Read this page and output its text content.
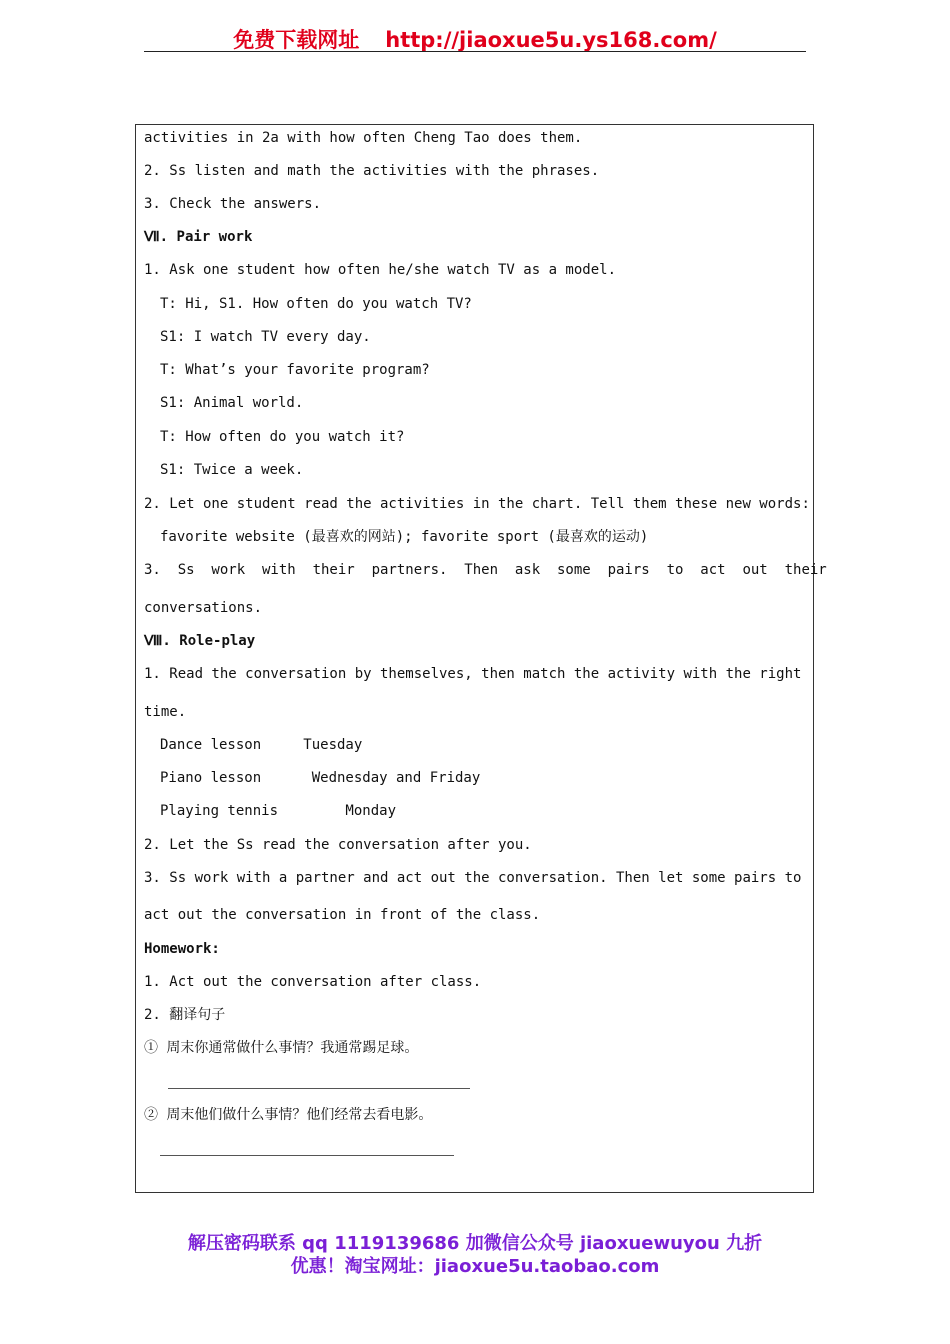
免费下载网址 http://jiaoxue5u.ys168.com/
activities in 2a with how often Cheng Tao does them.
2. Ss listen and math the activities with the phrases.
3. Check the answers.
Ⅶ. Pair work
1. Ask one student how often he/she watch TV as a model.
T: Hi, S1. How often do you watch TV?
S1: I watch TV every day.
T: What’s your favorite program?
S1: Animal world.
T: How often do you watch it?
S1: Twice a week.
2. Let one student read the activities in the chart. Tell them these new words:
favorite website (最喜欢的网站); favorite sport (最喜欢的运动)
3.  Ss  work  with  their  partners.  Then  ask  some  pairs  to  act  out  their
conversations.
Ⅷ. Role-play
1. Read the conversation by themselves, then match the activity with the right
time.
Dance lesson     Tuesday
Piano lesson      Wednesday and Friday
Playing tennis        Monday
2. Let the Ss read the conversation after you.
3. Ss work with a partner and act out the conversation. Then let some pairs to
act out the conversation in front of the class.
Homework:
1. Act out the conversation after class.
2. 翻译句子
① 周末你通常做什么事情？我通常踢足球。
② 周末他们做什么事情？他们经常去看电影。
解压密码联系 qq 1119139686 加微信公众号 jiaoxuewuyou 九折
优惠！淘宝网址：jiaoxue5u.taobao.com
